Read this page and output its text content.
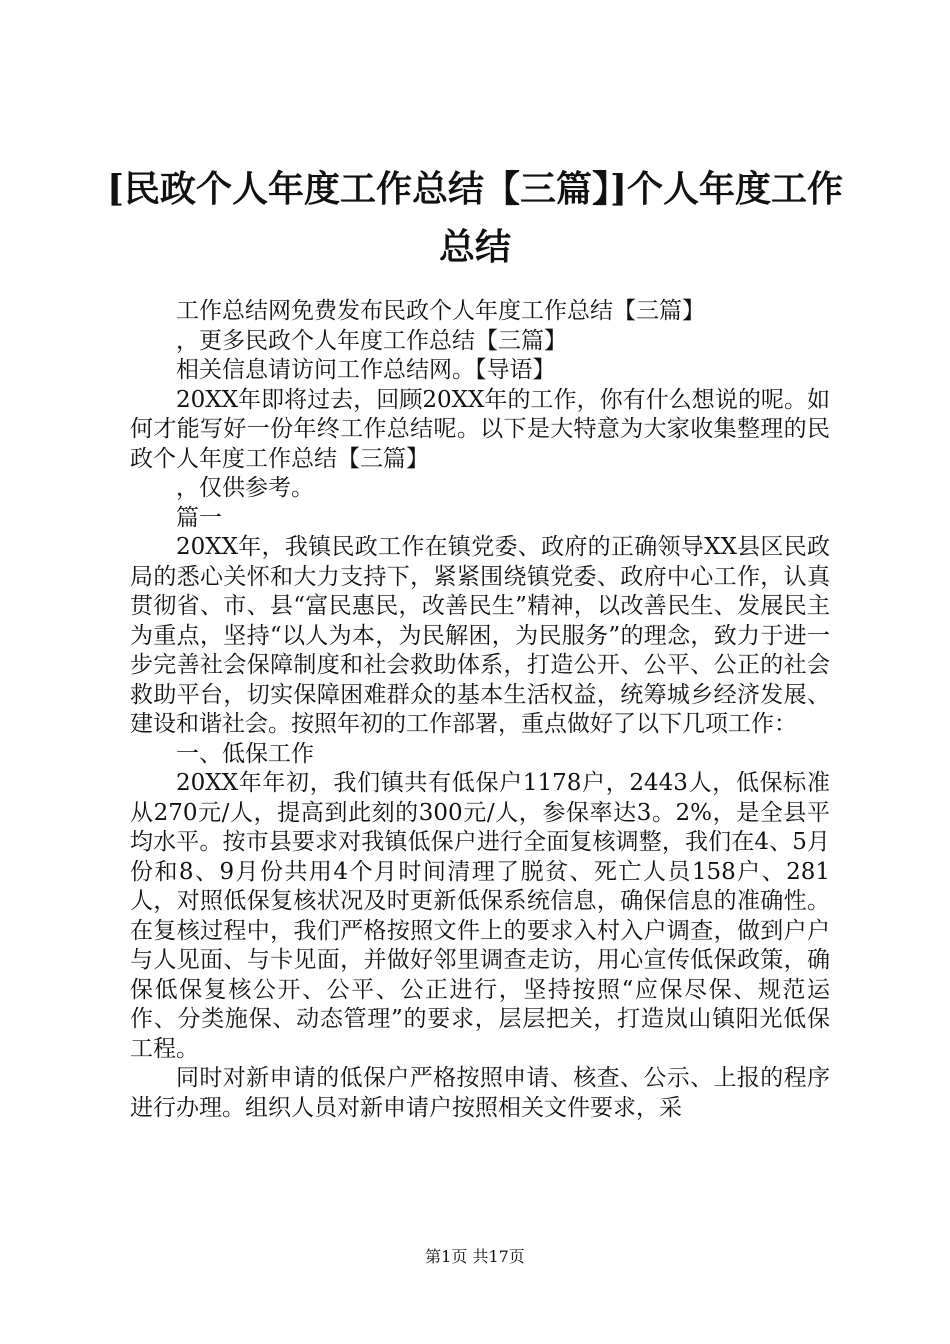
[民政个人年度工作总结【三篇】]个人年度工作总结

工作总结网免费发布民政个人年度工作总结【三篇】

，更多民政个人年度工作总结【三篇】

相关信息请访问工作总结网。【导语】

20XX年即将过去，回顾20XX年的工作，你有什么想说的呢。如何才能写好一份年终工作总结呢。以下是大特意为大家收集整理的民政个人年度工作总结【三篇】

，仅供参考。

篇一

20XX年，我镇民政工作在镇党委、政府的正确领导XX县区民政局的悉心关怀和大力支持下，紧紧围绕镇党委、政府中心工作，认真贯彻省、市、县“富民惠民，改善民生”精神，以改善民生、发展民主为重点，坚持“以人为本，为民解困，为民服务”的理念，致力于进一步完善社会保障制度和社会救助体系，打造公开、公平、公正的社会救助平台，切实保障困难群众的基本生活权益，统筹城乡经济发展、建设和谐社会。按照年初的工作部署，重点做好了以下几项工作：

一、低保工作

20XX年年初，我们镇共有低保户1178户，2443人，低保标准从270元/人，提高到此刻的300元/人，参保率达3。2%，是全县平均水平。按市县要求对我镇低保户进行全面复核调整，我们在4、5月份和8、9月份共用4个月时间清理了脱贫、死亡人员158户、281人，对照低保复核状况及时更新低保系统信息，确保信息的准确性。在复核过程中，我们严格按照文件上的要求入村入户调查，做到户户与人见面、与卡见面，并做好邻里调查走访，用心宣传低保政策，确保低保复核公开、公平、公正进行，坚持按照“应保尽保、规范运作、分类施保、动态管理”的要求，层层把关，打造岚山镇阳光低保工程。

同时对新申请的低保户严格按照申请、核查、公示、上报的程序进行办理。组织人员对新申请户按照相关文件要求，采

第1页 共17页
